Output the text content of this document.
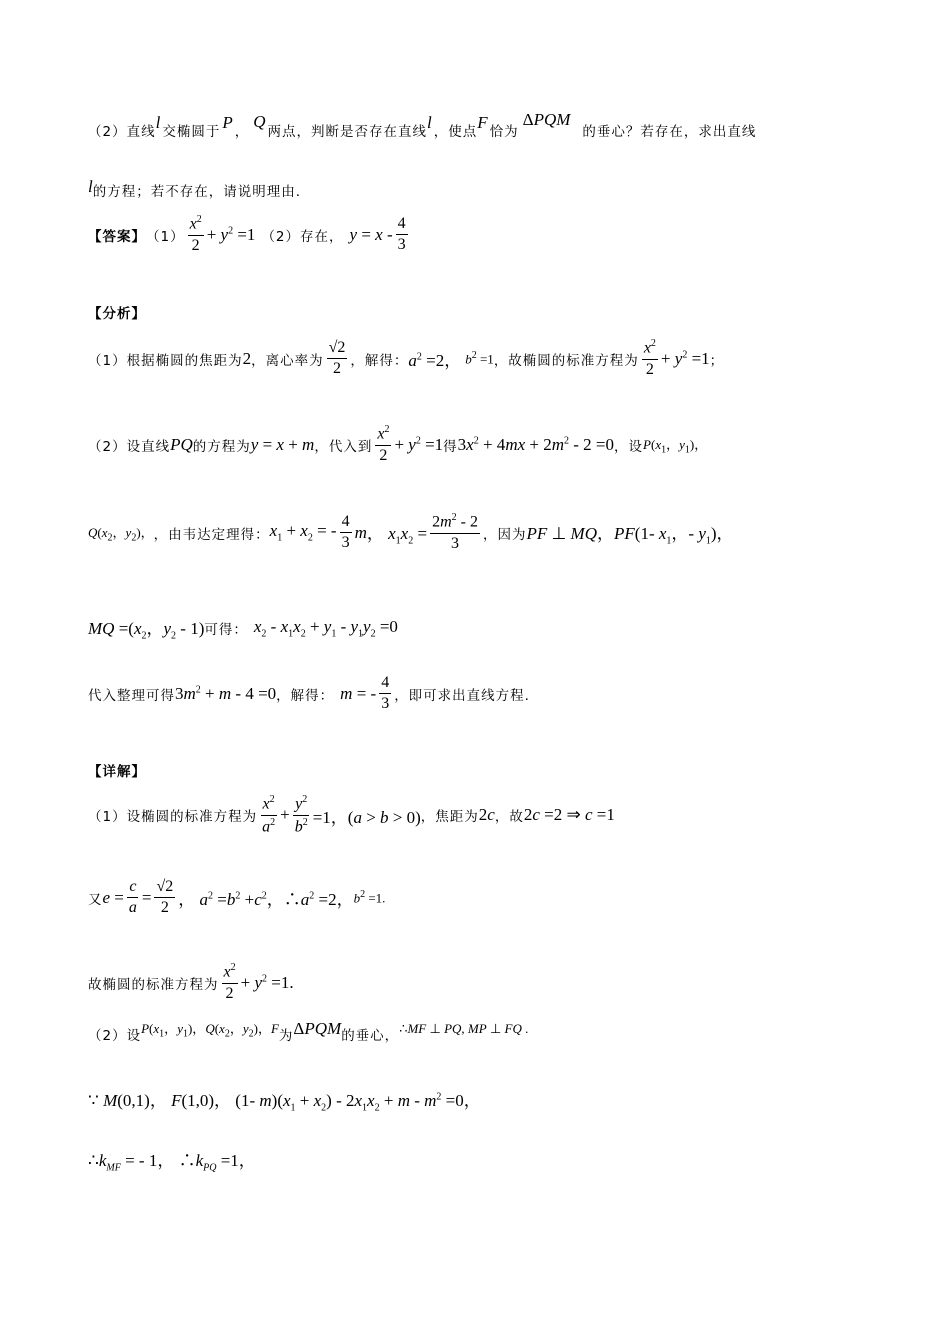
（2）直线 l 交椭圆于 P ，
Q
两点，判断是否存在直线 l ，使点 F 恰为
ΔPQM
的垂心？若存在，求出直线
l 的方程；若不存在，请说明理由.
【答案】 $(1) \frac{x^2}{2} + y^2 =1$ （2）存在， $y = x - \frac{4}{3}$
【分析】
（1）根据椭圆的焦距为 2 ，离心率为 $\frac{√2}{2}$ ，解得： $a^2 =2$， $b^2 =1$ ，故椭圆的标准方程为 $\frac{x^2}{2} + y^2 =1$ ；
（2）设直线 PQ 的方程为 y = x + m ，代入到 $\frac{x^2}{2} + y^2 =1$ 得 $3x^2 + 4mx + 2m^2 - 2 =0$ ，设 $P(x_1$，$y_1$)，
$Q(x_2$，$y_2$)， ，由韦达定理得： $x_1 + x_2$ = - $\frac{4}{3}$ m ， $x_1x_2 = \frac{2m^2 - 2}{3}$ ，因为 PF ⊥ MQ，PF(1- $x_1$，- $y_1$)，
MQ $=(x_2$，$y_2 - 1$) 可得： $x_2 - x_1x_2 + y_1 - y_1y_2 =0$
代入整理可得 $3m^2 + m - 4 =0$ ，解得： m = - $\frac{4}{3}$ ，即可求出直线方程.
【详解】
（1）设椭圆的标准方程为 $\frac{x^2}{a^2} + \frac{y^2}{b^2} =1$，(a > b > 0) ，焦距为 2c ，故 2c =2 ⇒ c =1
又 $e = \frac{c}{a} = \frac{√2}{2}$ ， $a^2 =b^2 +c^2$，$\therefore a^2 =2$， $b^2 =1$.
故椭圆的标准方程为 $\frac{x^2}{2} + y^2 =1$.
（2）设 $P(x_1$，$y_1$)，$Q(x_2$，$y_2$)，F 为 ΔPQM 的垂心， ∴MF ⊥ PQ, MP ⊥ FQ .
∵ M(0,1)， F(1,0)， (1- $m)(x_1 + x_2) - 2x_1x_2 + m - m^2 =0$，
$\therefore k_{MF}$ = - 1， $\therefore k_{PQ} =1$，
